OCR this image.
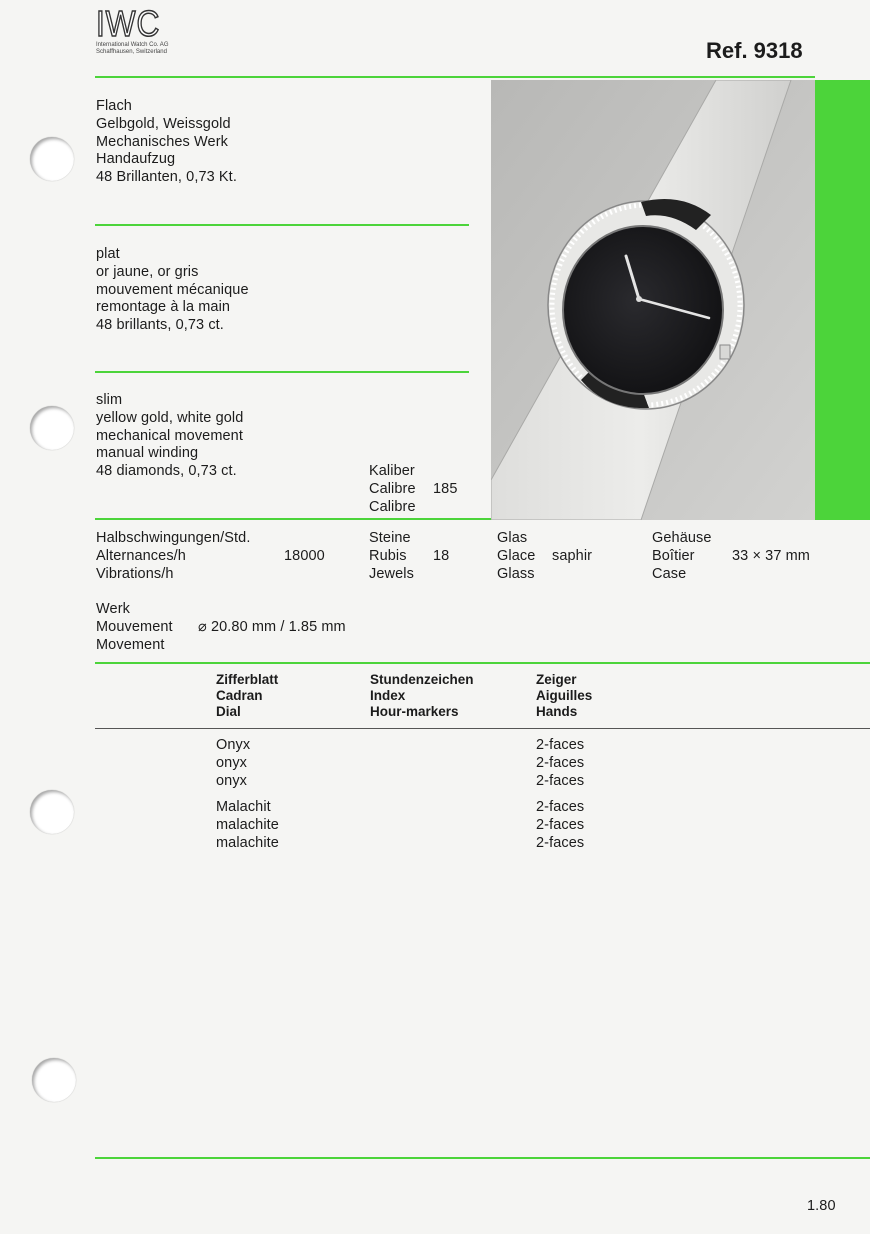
IWC
International Watch Co. AG
Schaffhausen, Switzerland	Ref. 9318
Flach
Gelbgold, Weissgold
Mechanisches Werk
Handaufzug
48 Brillanten, 0,73 Kt.
plat
or jaune, or gris
mouvement mécanique
remontage à la main
48 brillants, 0,73 ct.
slim
yellow gold, white gold
mechanical movement
manual winding
48 diamonds, 0,73 ct.	Kaliber
Calibre
Calibre
185
Halbschwingungen/Std.
Alternances/h
Vibrations/h
18000
Steine
Rubis
Jewels
18
Glas
Glace
Glass
saphir
Gehäuse
Boîtier
Case
33 × 37 mm
Werk
Mouvement
Movement
⌀ 20.80 mm / 1.85 mm
Zifferblatt
Cadran
Dial
Stundenzeichen
Index
Hour-markers
Zeiger
Aiguilles
Hands
Onyx
onyx
onyx
2-faces
2-faces
2-faces
Malachit
malachite
malachite
2-faces
2-faces
2-faces
1.80
